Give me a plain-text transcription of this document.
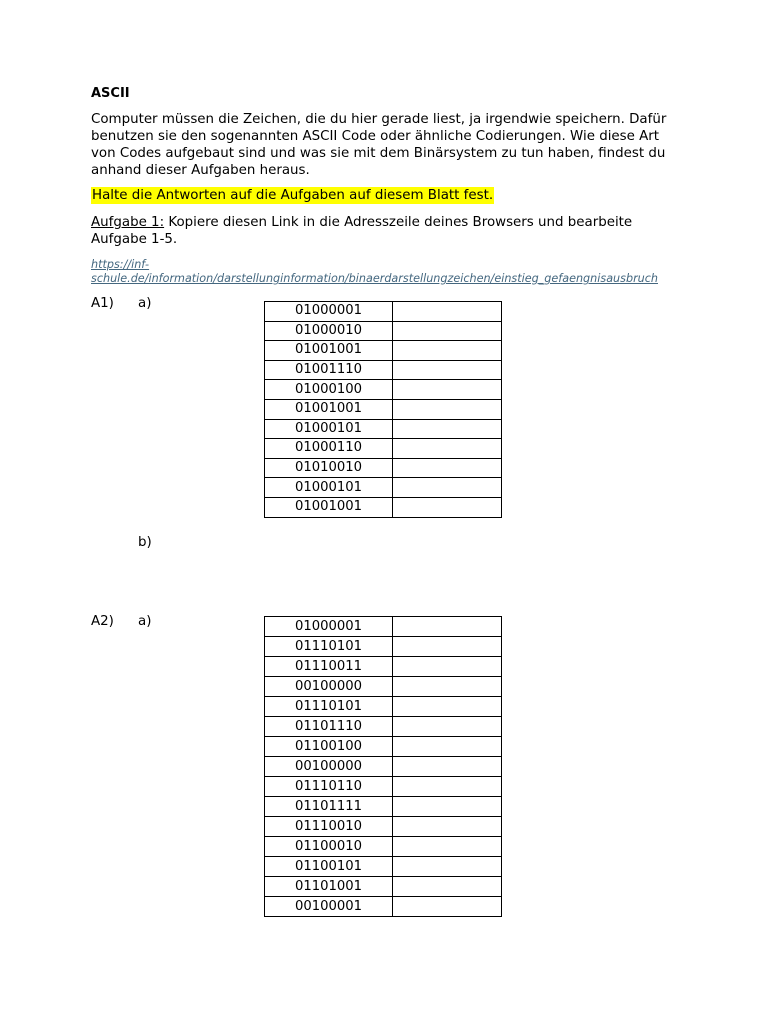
ASCII
Computer müssen die Zeichen, die du hier gerade liest, ja irgendwie speichern. Dafür benutzen sie den sogenannten ASCII Code oder ähnliche Codierungen. Wie diese Art von Codes aufgebaut sind und was sie mit dem Binärsystem zu tun haben, findest du anhand dieser Aufgaben heraus.
Halte die Antworten auf die Aufgaben auf diesem Blatt fest.
Aufgabe 1: Kopiere diesen Link in die Adresszeile deines Browsers und bearbeite Aufgabe 1-5.
https://inf-schule.de/information/darstellunginformation/binaerdarstellungzeichen/einstieg_gefaengnisausbruch
A1) a)	01000001	
01000010	
01001001	
01001110	
01000100	
01001001	
01000101	
01000110	
01010010	
01000101	
01001001	
b)
A2) a)	01000001	
01110101	
01110011	
00100000	
01110101	
01101110	
01100100	
00100000	
01110110	
01101111	
01110010	
01100010	
01100101	
01101001	
00100001	
